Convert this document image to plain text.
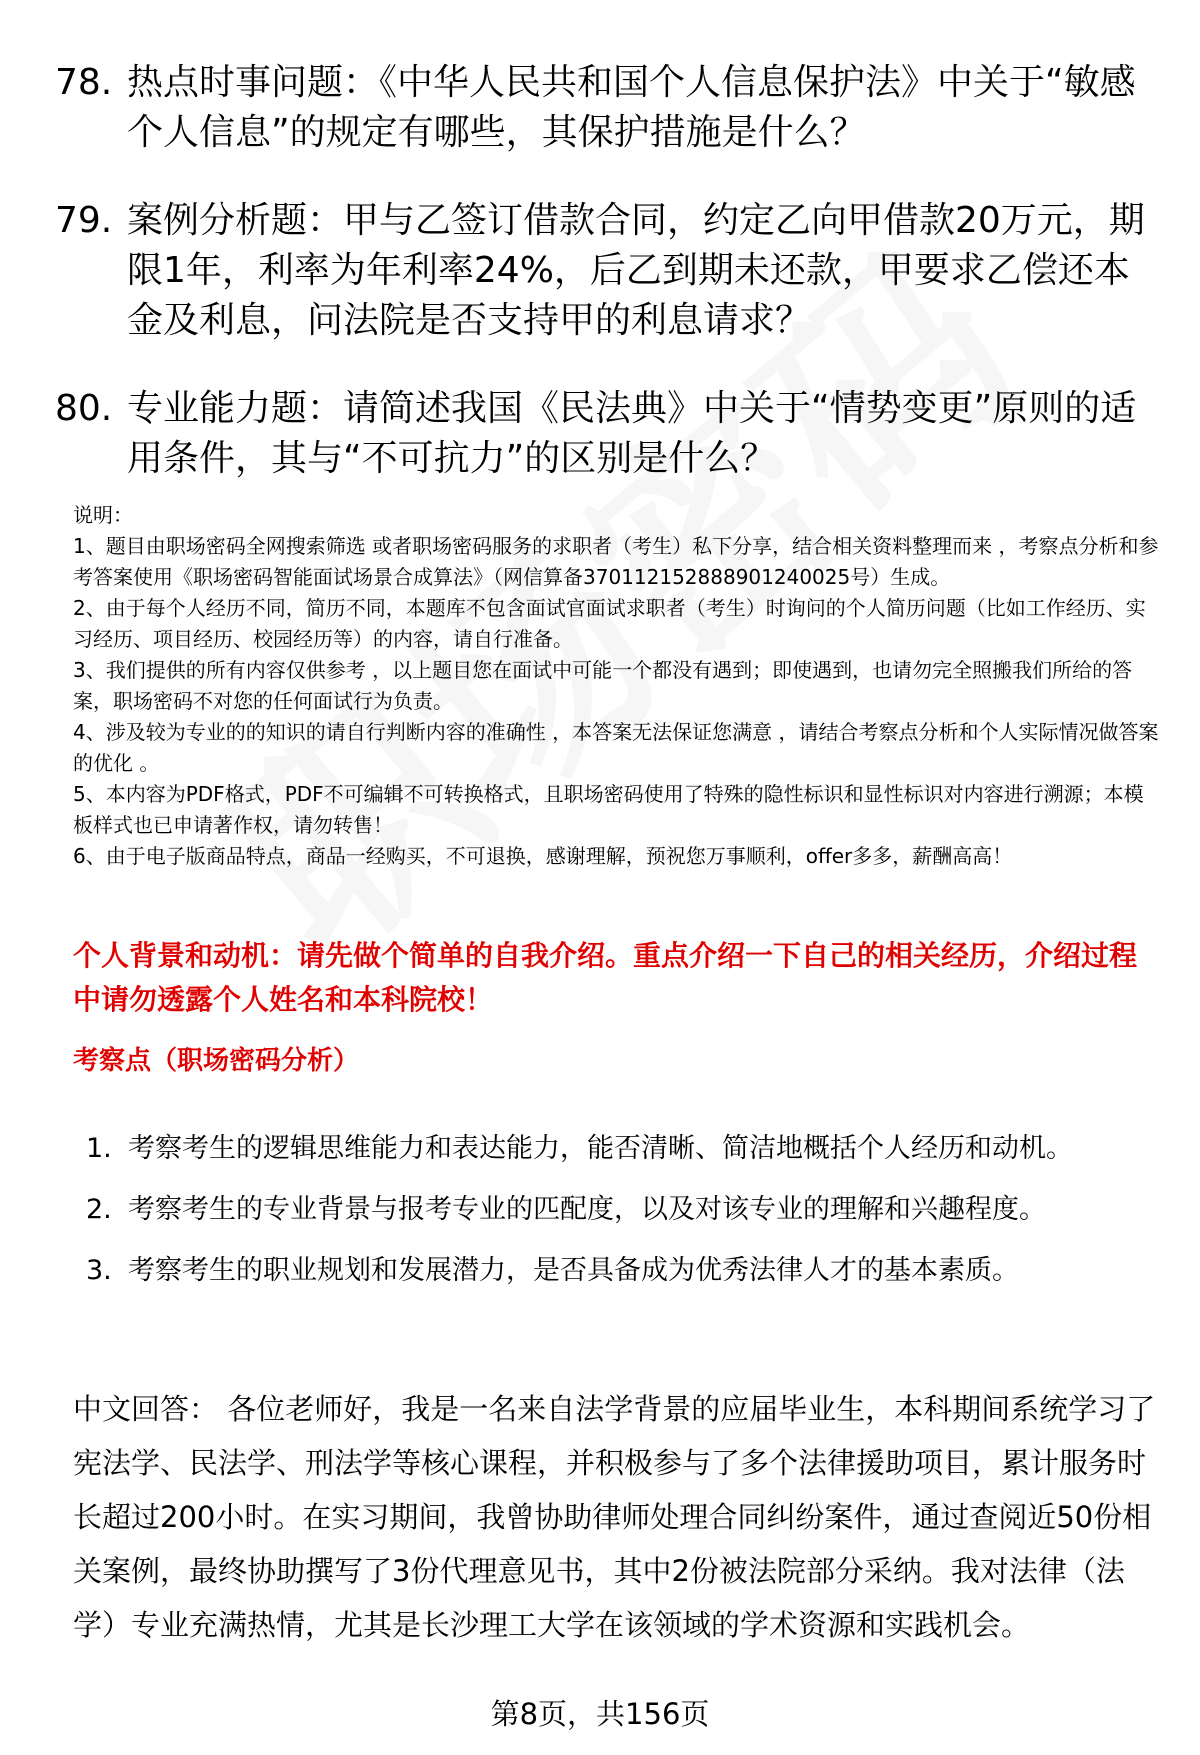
78. 热点时事问题：《中华人民共和国个人信息保护法》中关于“敏感个人信息”的规定有哪些，其保护措施是什么？
79. 案例分析题：甲与乙签订借款合同，约定乙向甲借款20万元，期限1年，利率为年利率24%，后乙到期未还款，甲要求乙偿还本金及利息，问法院是否支持甲的利息请求？
80. 专业能力题：请简述我国《民法典》中关于“情势变更”原则的适用条件，其与“不可抗力”的区别是什么？

说明：

1、题目由职场密码全网搜索筛选 或者职场密码服务的求职者（考生）私下分享，结合相关资料整理而来 ，考察点分析和参考答案使用《职场密码智能面试场景合成算法》（网信算备370112152888901240025号）生成。

2、由于每个人经历不同，简历不同，本题库不包含面试官面试求职者（考生）时询问的个人简历问题（比如工作经历、实习经历、项目经历、校园经历等）的内容，请自行准备。

3、我们提供的所有内容仅供参考 ，以上题目您在面试中可能一个都没有遇到；即使遇到，也请勿完全照搬我们所给的答案，职场密码不对您的任何面试行为负责。

4、涉及较为专业的的知识的请自行判断内容的准确性 ，本答案无法保证您满意 ，请结合考察点分析和个人实际情况做答案的优化 。

5、本内容为PDF格式，PDF不可编辑不可转换格式，且职场密码使用了特殊的隐性标识和显性标识对内容进行溯源；本模板样式也已申请著作权，请勿转售！

6、由于电子版商品特点，商品一经购买，不可退换，感谢理解，预祝您万事顺利，offer多多，薪酬高高！

个人背景和动机：请先做个简单的自我介绍。重点介绍一下自己的相关经历，介绍过程中请勿透露个人姓名和本科院校！
考察点（职场密码分析）
1. 考察考生的逻辑思维能力和表达能力，能否清晰、简洁地概括个人经历和动机。
2. 考察考生的专业背景与报考专业的匹配度，以及对该专业的理解和兴趣程度。
3. 考察考生的职业规划和发展潜力，是否具备成为优秀法律人才的基本素质。

中文回答： 各位老师好，我是一名来自法学背景的应届毕业生，本科期间系统学习了宪法学、民法学、刑法学等核心课程，并积极参与了多个法律援助项目，累计服务时长超过200小时。在实习期间，我曾协助律师处理合同纠纷案件，通过查阅近50份相关案例，最终协助撰写了3份代理意见书，其中2份被法院部分采纳。我对法律（法学）专业充满热情，尤其是长沙理工大学在该领域的学术资源和实践机会。

第8页，共156页
